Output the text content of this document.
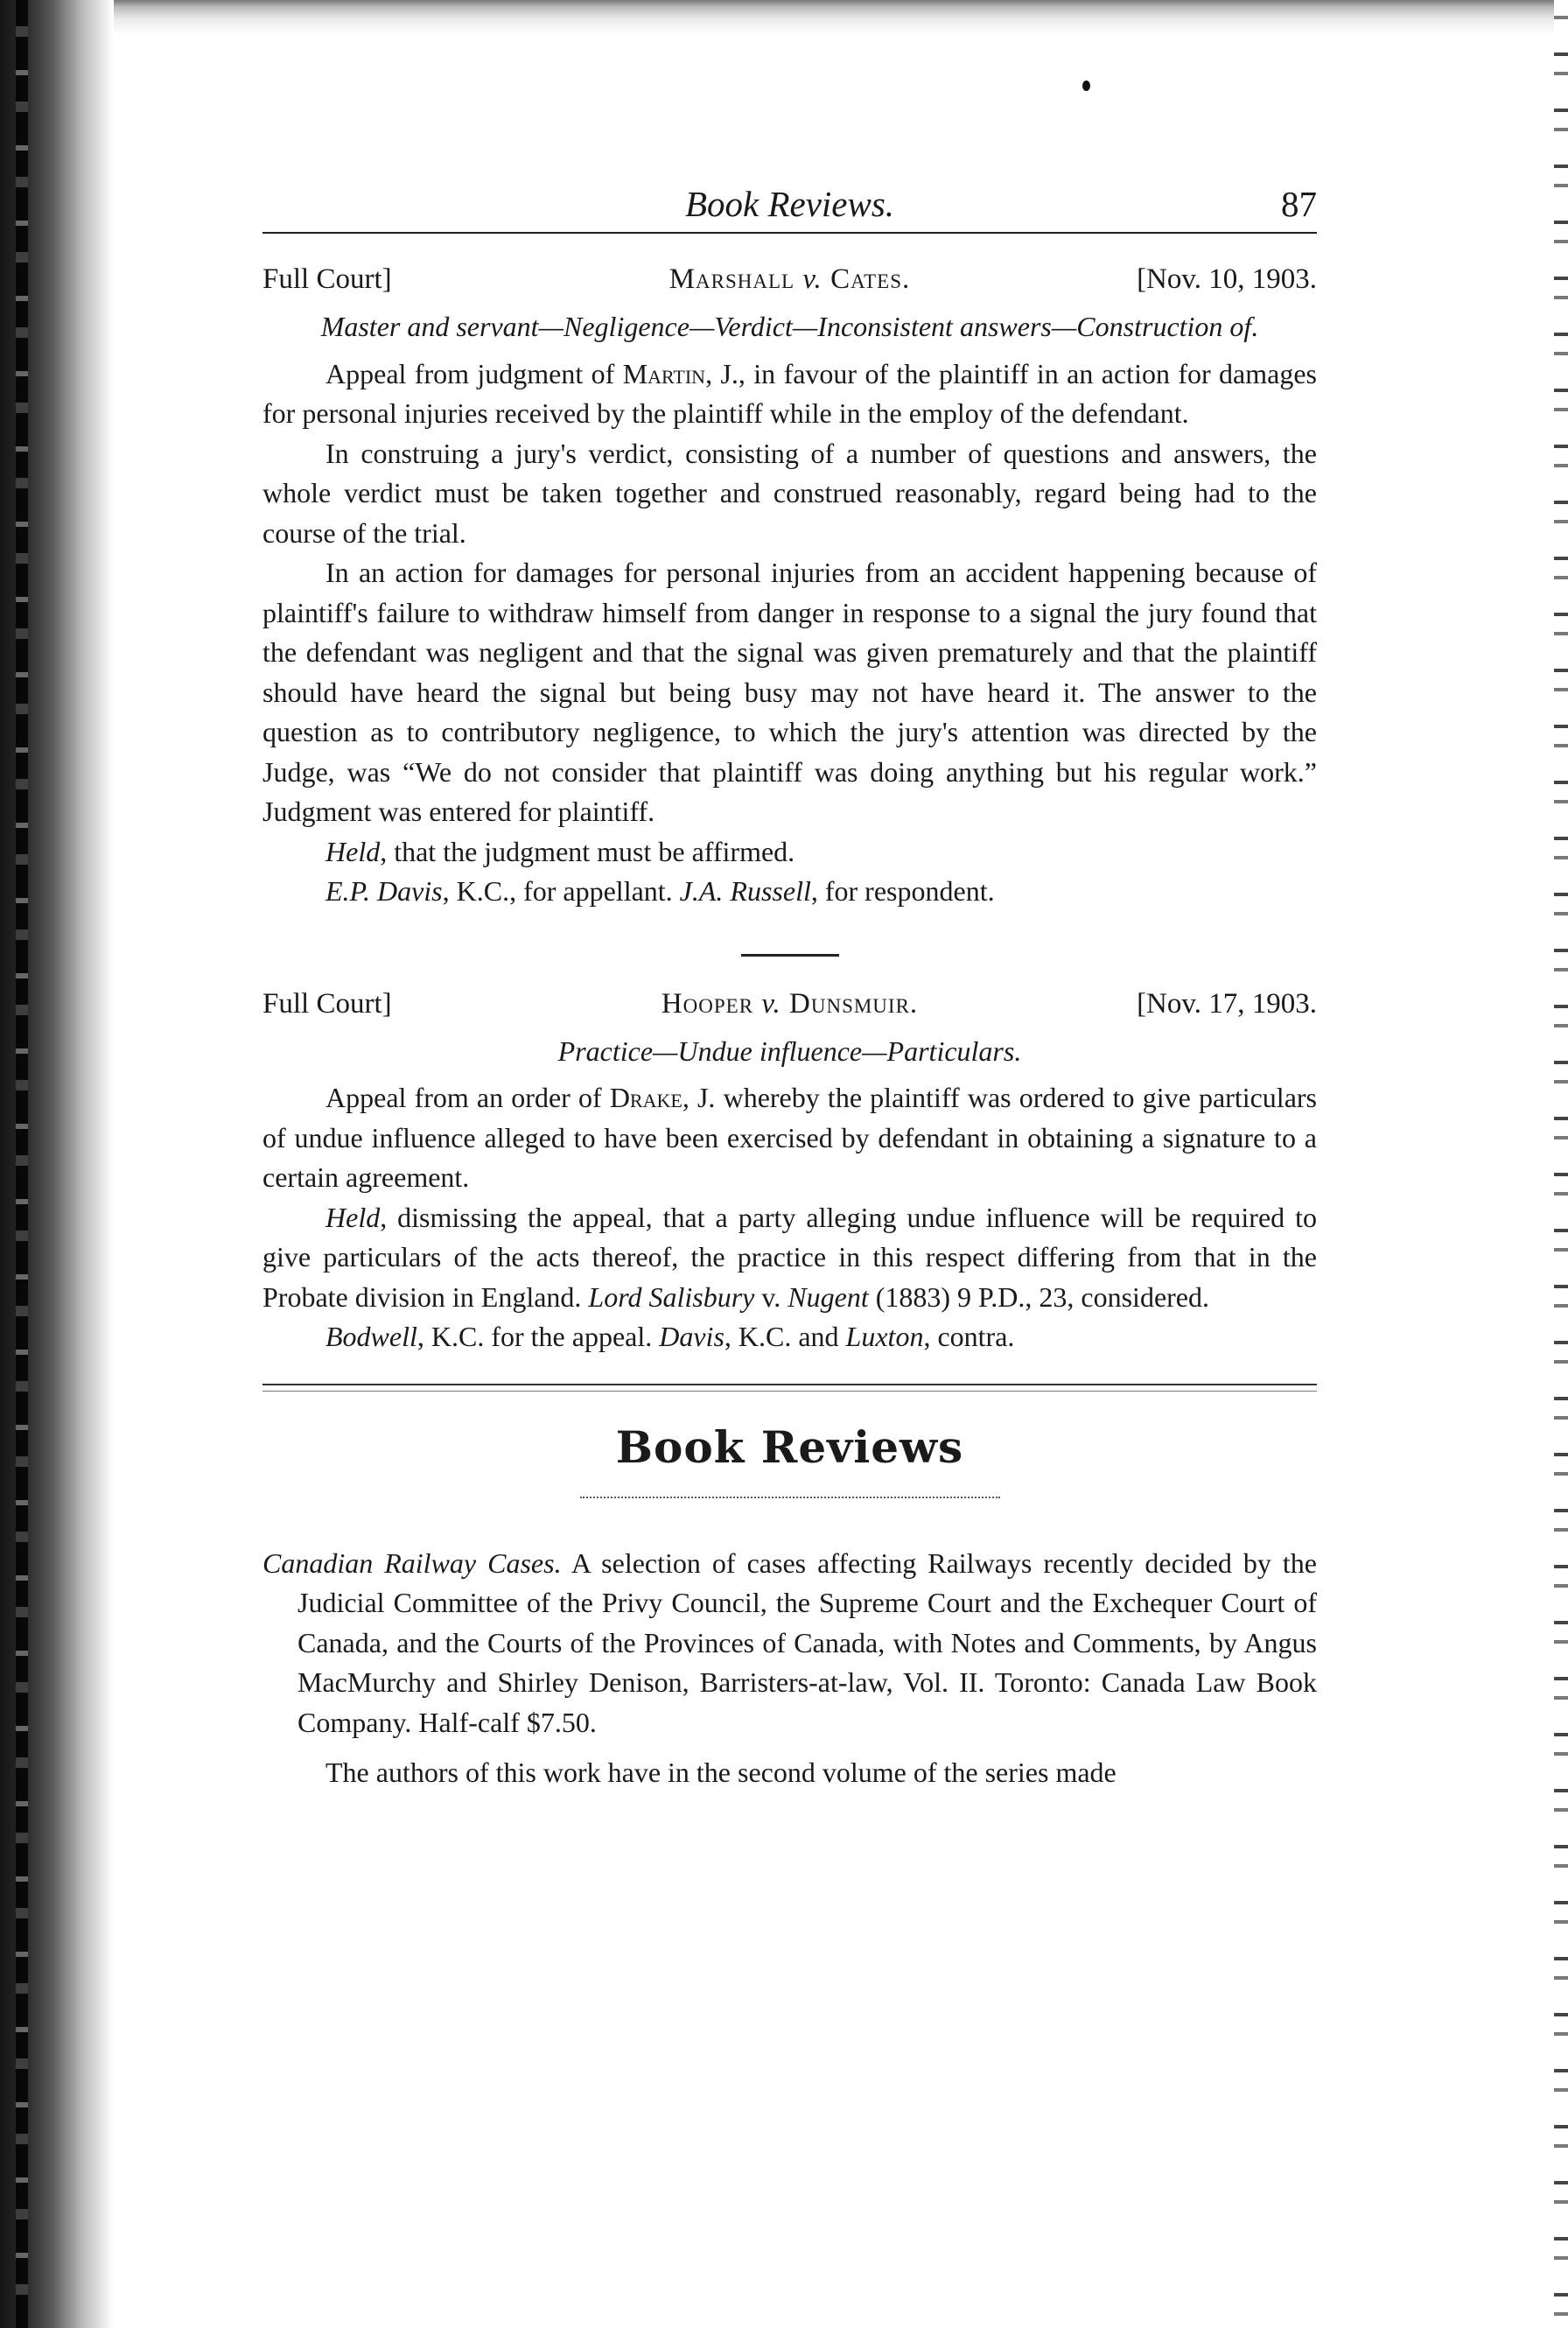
Book Reviews.	87
Full Court]	Marshall v. Cates.	[Nov. 10, 1903.
Master and servant—Negligence—Verdict—Inconsistent answers—Construction of.

Appeal from judgment of Martin, J., in favour of the plaintiff in an action for damages for personal injuries received by the plaintiff while in the employ of the defendant.

In construing a jury's verdict, consisting of a number of questions and answers, the whole verdict must be taken together and construed reasonably, regard being had to the course of the trial.

In an action for damages for personal injuries from an accident happening because of plaintiff's failure to withdraw himself from danger in response to a signal the jury found that the defendant was negligent and that the signal was given prematurely and that the plaintiff should have heard the signal but being busy may not have heard it. The answer to the question as to contributory negligence, to which the jury's attention was directed by the Judge, was “We do not consider that plaintiff was doing anything but his regular work.” Judgment was entered for plaintiff.

Held, that the judgment must be affirmed.

E.P. Davis, K.C., for appellant. J.A. Russell, for respondent.

Full Court]	Hooper v. Dunsmuir.	[Nov. 17, 1903.
Practice—Undue influence—Particulars.

Appeal from an order of Drake, J. whereby the plaintiff was ordered to give particulars of undue influence alleged to have been exercised by defendant in obtaining a signature to a certain agreement.

Held, dismissing the appeal, that a party alleging undue influence will be required to give particulars of the acts thereof, the practice in this respect differing from that in the Probate division in England. Lord Salisbury v. Nugent (1883) 9 P.D., 23, considered.

Bodwell, K.C. for the appeal. Davis, K.C. and Luxton, contra.

Book Reviews

Canadian Railway Cases. A selection of cases affecting Railways recently decided by the Judicial Committee of the Privy Council, the Supreme Court and the Exchequer Court of Canada, and the Courts of the Provinces of Canada, with Notes and Comments, by Angus MacMurchy and Shirley Denison, Barristers-at-law, Vol. II. Toronto: Canada Law Book Company. Half-calf $7.50.

The authors of this work have in the second volume of the series made
